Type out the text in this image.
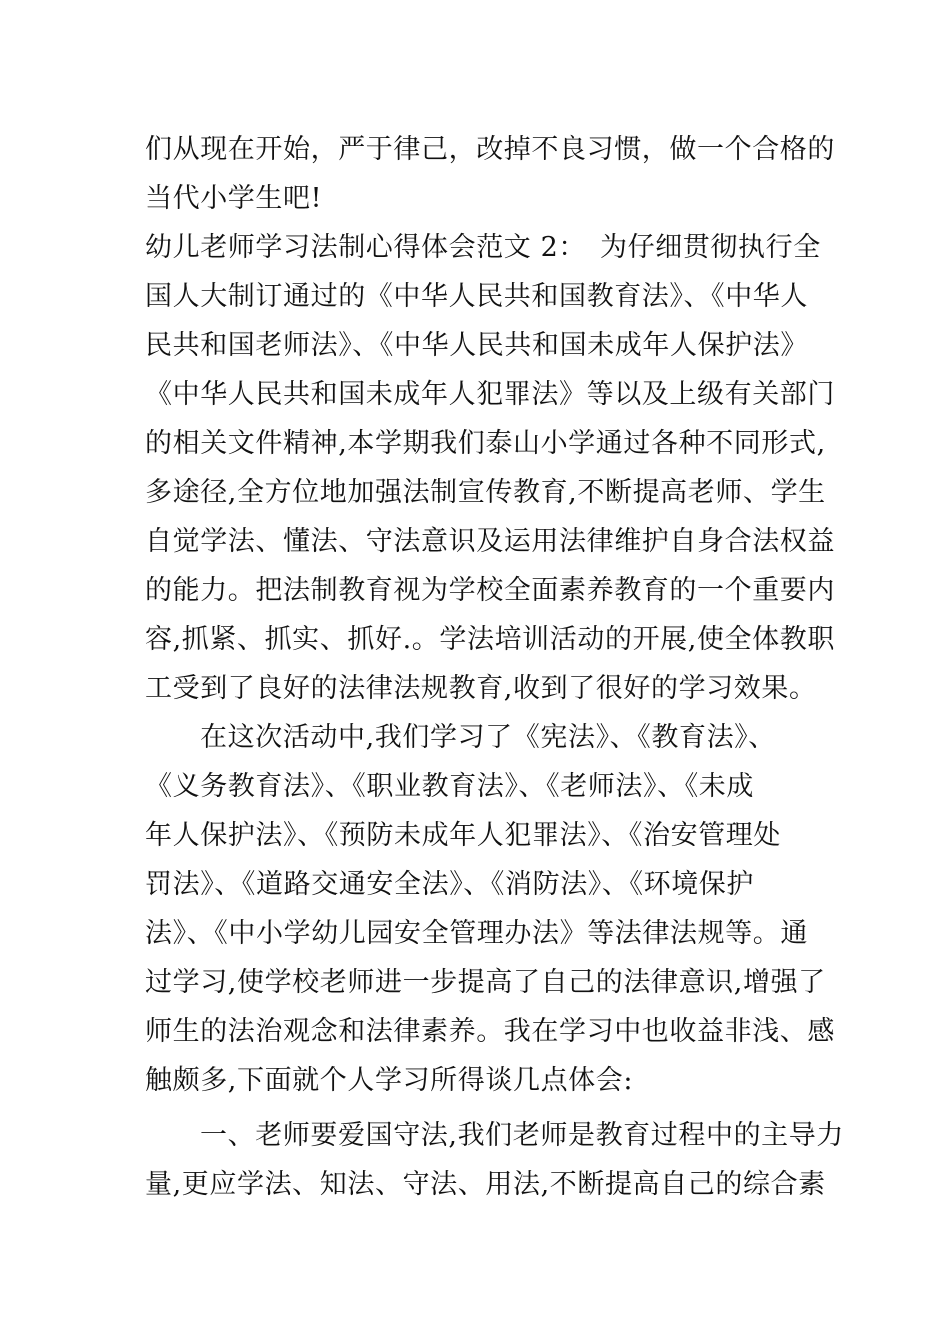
们从现在开始，严于律己，改掉不良习惯，做一个合格的
当代小学生吧!
幼儿老师学习法制心得体会范文 2： 为仔细贯彻执行全
国人大制订通过的《中华人民共和国教育法》、《中华人
民共和国老师法》、《中华人民共和国未成年人保护法》
《中华人民共和国未成年人犯罪法》等以及上级有关部门
的相关文件精神,本学期我们泰山小学通过各种不同形式,
多途径,全方位地加强法制宣传教育,不断提高老师、学生
自觉学法、懂法、守法意识及运用法律维护自身合法权益
的能力。把法制教育视为学校全面素养教育的一个重要内
容,抓紧、抓实、抓好.。学法培训活动的开展,使全体教职
工受到了良好的法律法规教育,收到了很好的学习效果。
在这次活动中,我们学习了《宪法》、《教育法》、
《义务教育法》、《职业教育法》、《老师法》、《未成
年人保护法》、《预防未成年人犯罪法》、《治安管理处
罚法》、《道路交通安全法》、《消防法》、《环境保护
法》、《中小学幼儿园安全管理办法》等法律法规等。通
过学习,使学校老师进一步提高了自己的法律意识,增强了
师生的法治观念和法律素养。我在学习中也收益非浅、感
触颇多,下面就个人学习所得谈几点体会:
一、老师要爱国守法,我们老师是教育过程中的主导力
量,更应学法、知法、守法、用法,不断提高自己的综合素
